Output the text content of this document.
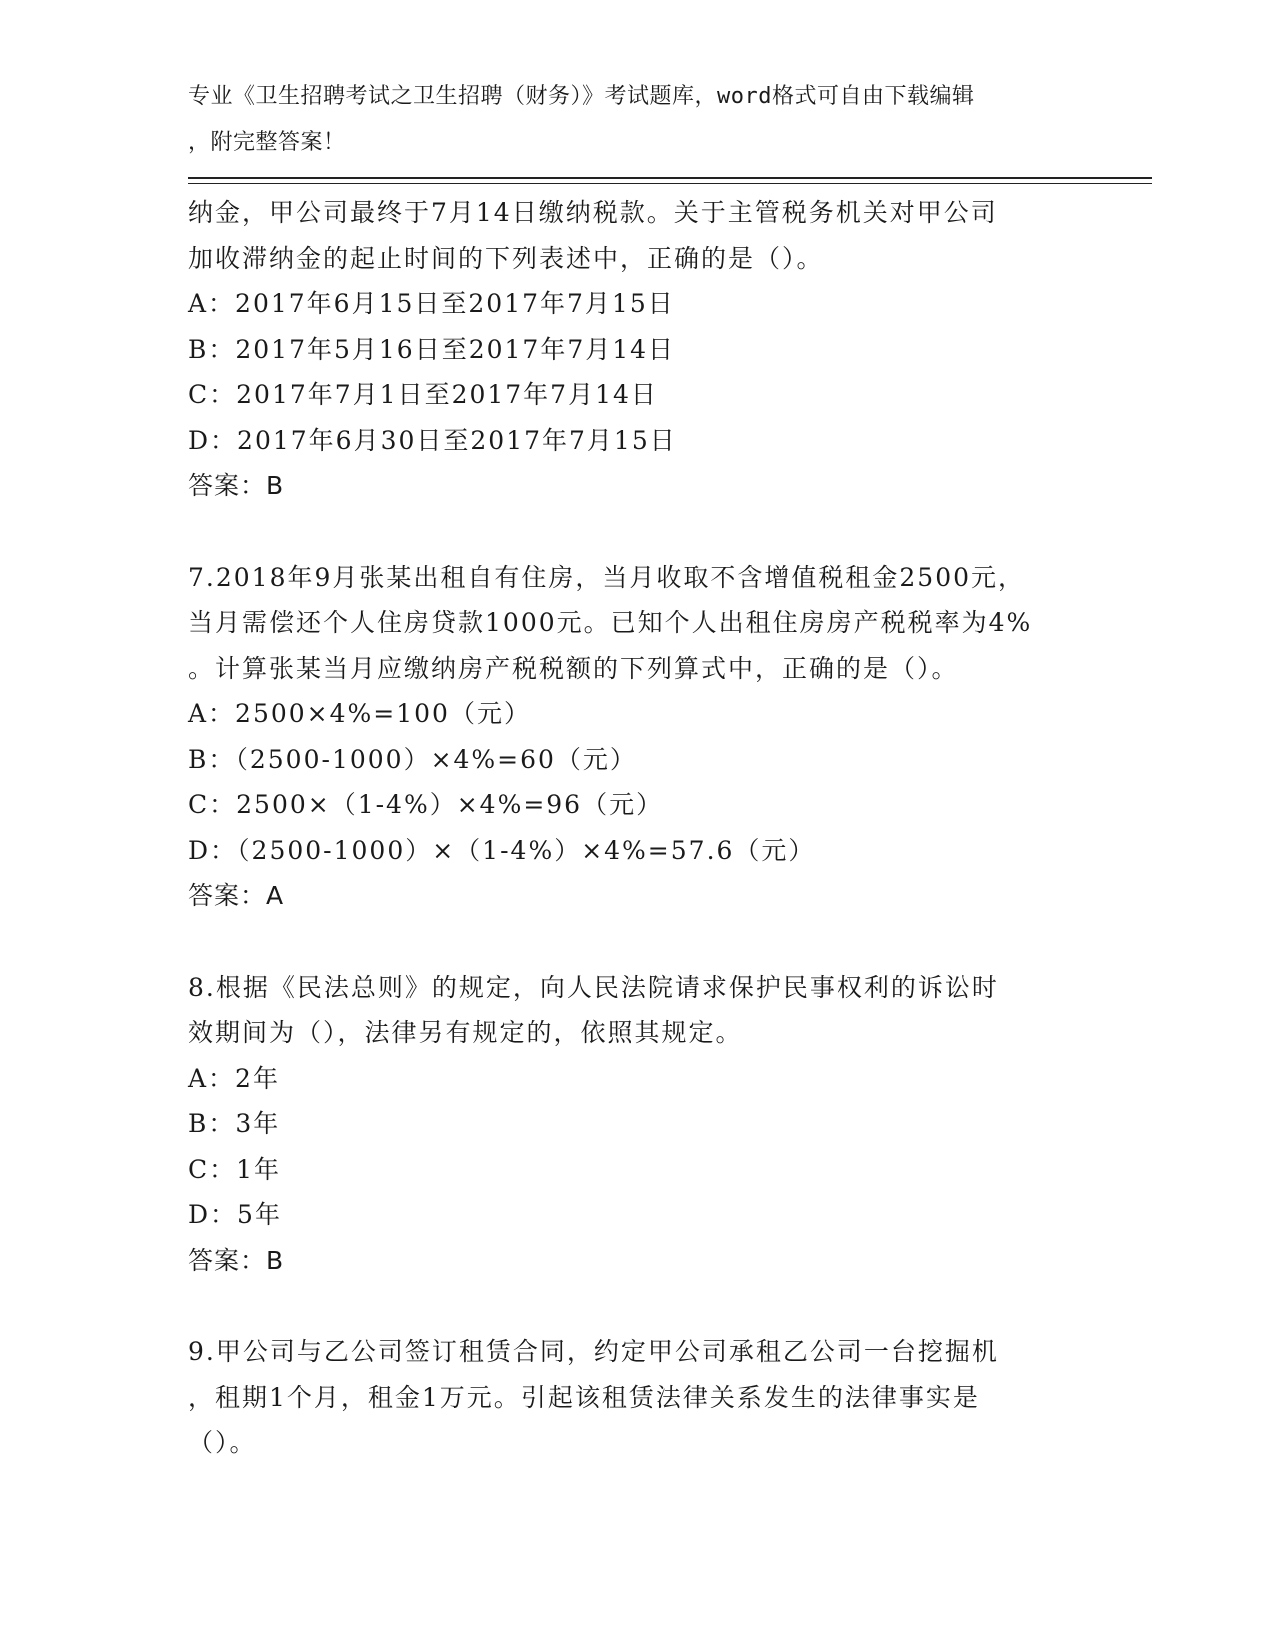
专业《卫生招聘考试之卫生招聘（财务）》考试题库，word格式可自由下载编辑
，附完整答案！
纳金，甲公司最终于7月14日缴纳税款。关于主管税务机关对甲公司
加收滞纳金的起止时间的下列表述中，正确的是（）。
A：2017年6月15日至2017年7月15日
B：2017年5月16日至2017年7月14日
C：2017年7月1日至2017年7月14日
D：2017年6月30日至2017年7月15日
答案：B
7.2018年9月张某出租自有住房，当月收取不含增值税租金2500元，
当月需偿还个人住房贷款1000元。已知个人出租住房房产税税率为4%
。计算张某当月应缴纳房产税税额的下列算式中，正确的是（）。
A：2500×4%=100（元）
B：（2500-1000）×4%=60（元）
C：2500×（1-4%）×4%=96（元）
D：（2500-1000）×（1-4%）×4%=57.6（元）
答案：A
8.根据《民法总则》的规定，向人民法院请求保护民事权利的诉讼时
效期间为（），法律另有规定的，依照其规定。
A：2年
B：3年
C：1年
D：5年
答案：B
9.甲公司与乙公司签订租赁合同，约定甲公司承租乙公司一台挖掘机
，租期1个月，租金1万元。引起该租赁法律关系发生的法律事实是
（）。
